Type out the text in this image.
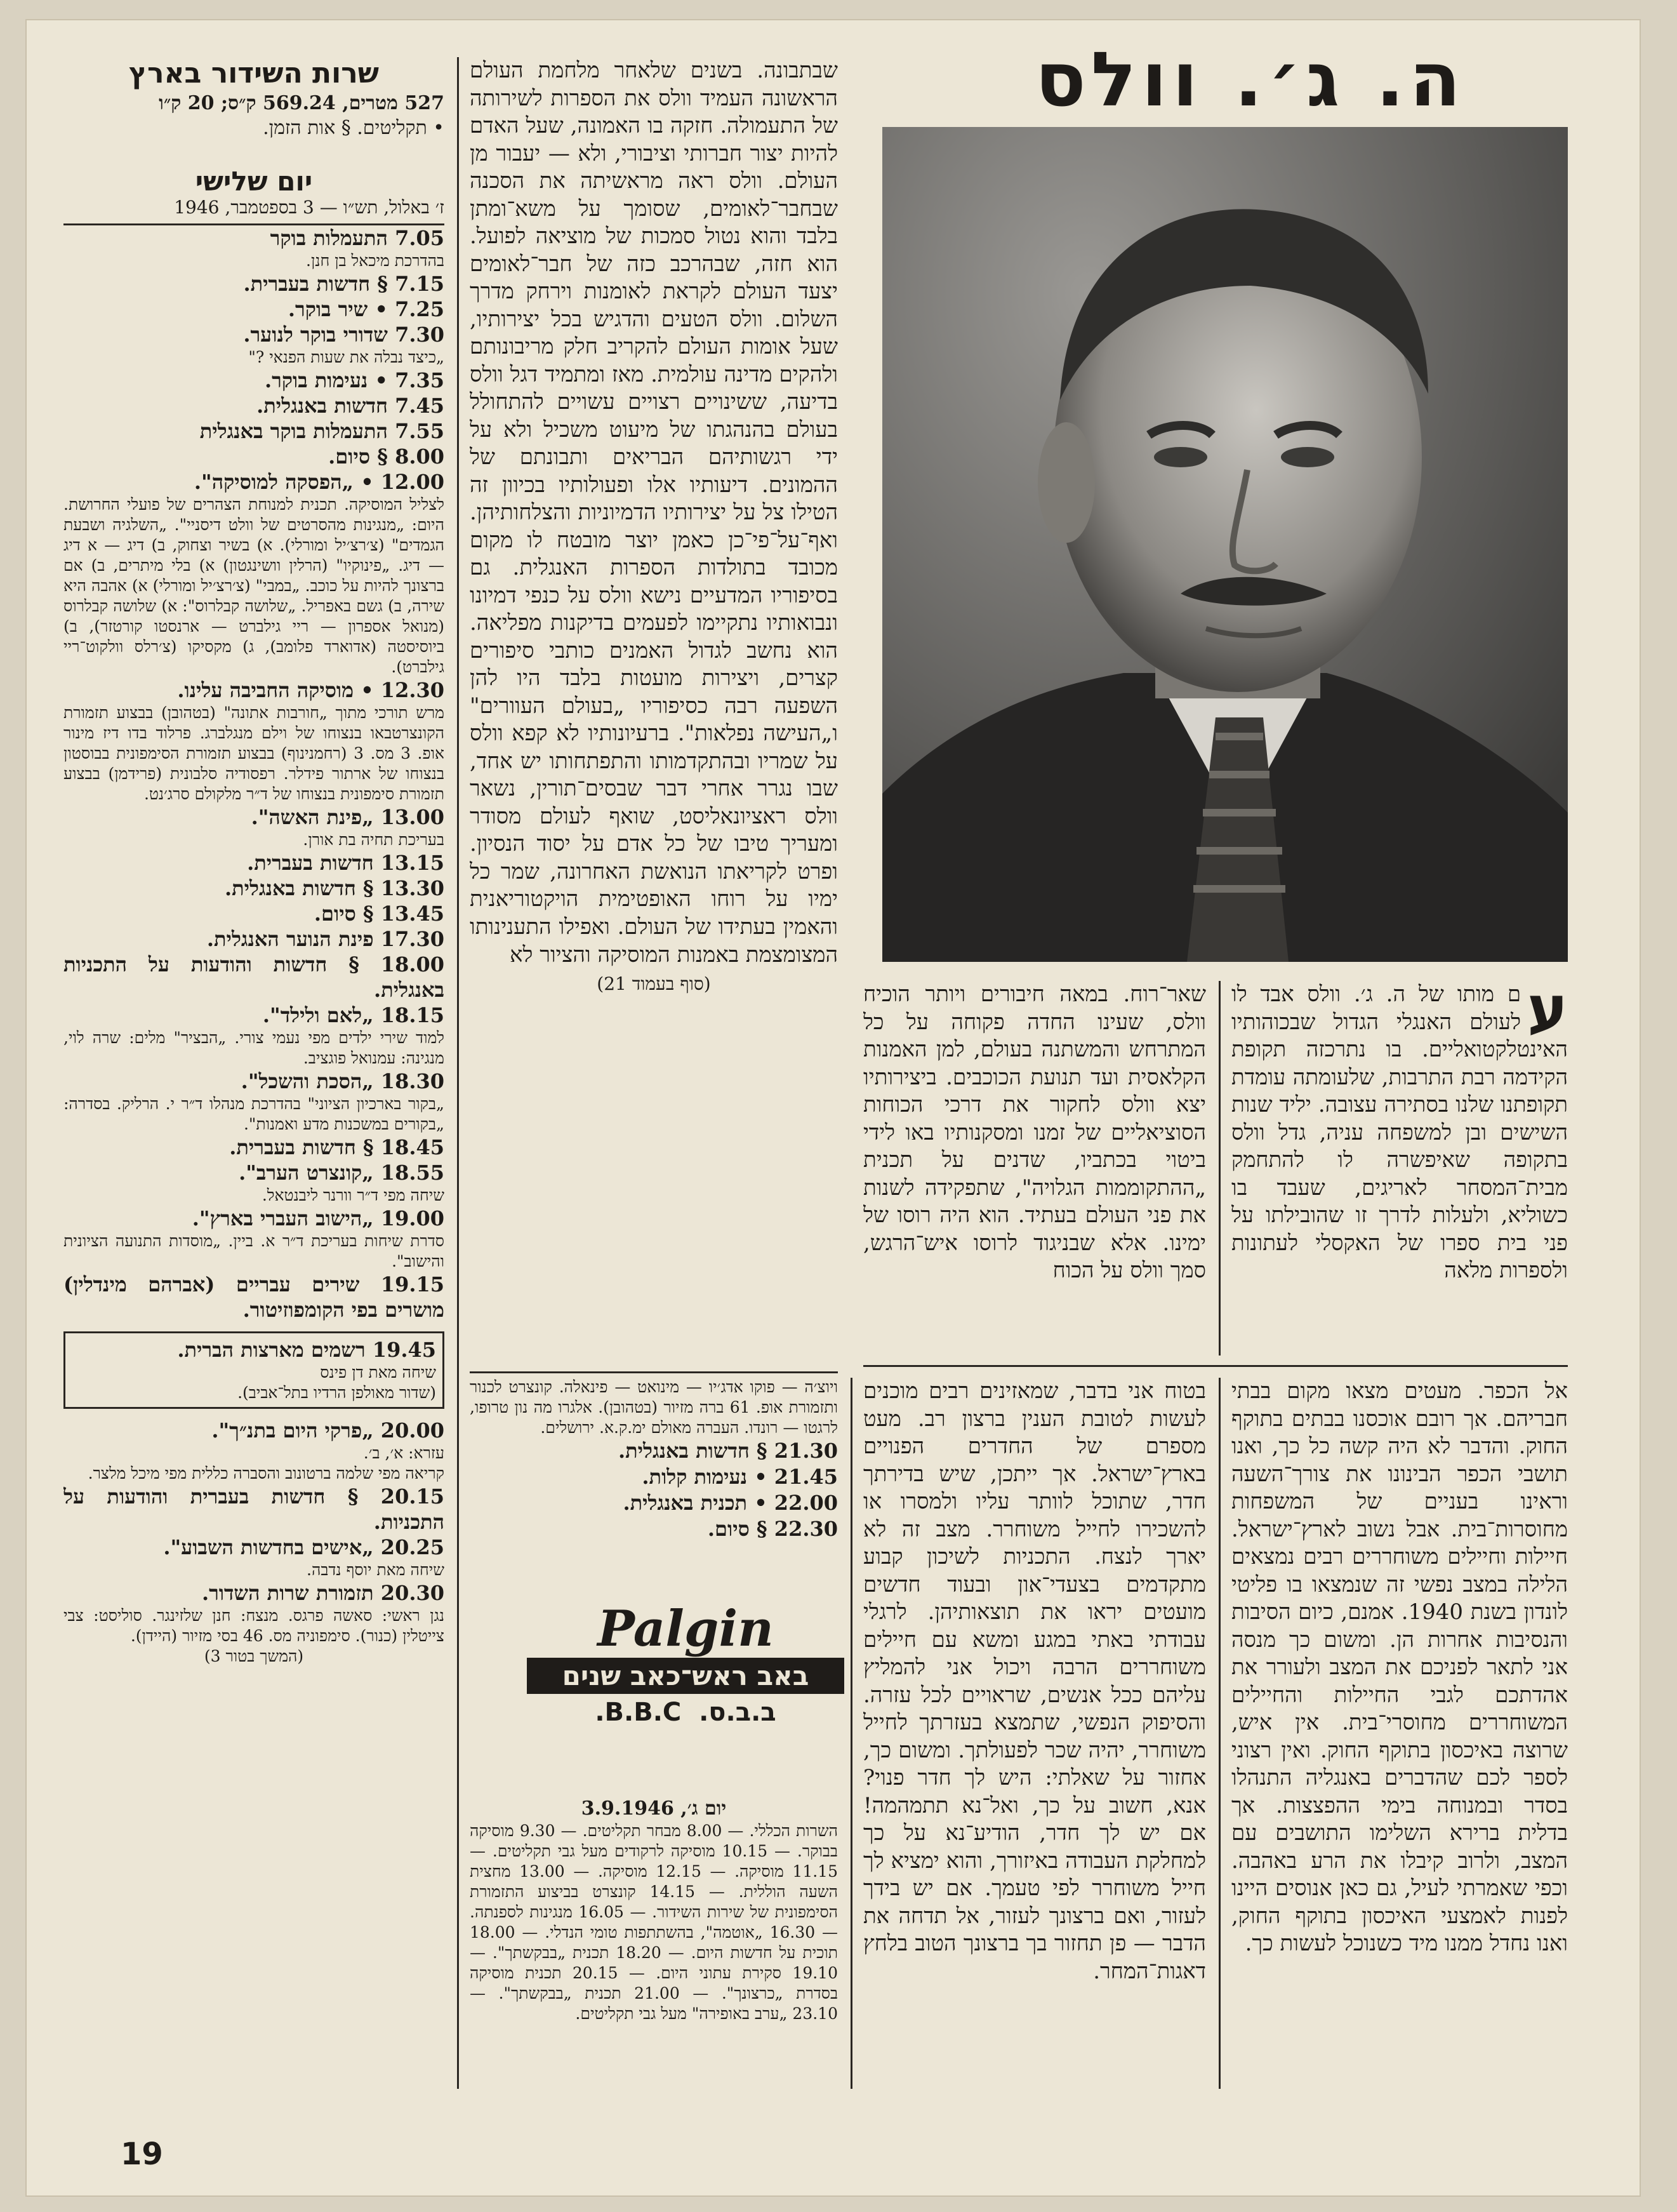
ה. ג׳. וולס

שבתבונה. בשנים שלאחר מלחמת העולם הראשונה העמיד וולס את הספרות לשירותה של התעמולה. חזקה בו האמונה, שעל האדם להיות יצור חברותי וציבורי, ולא — יעבור מן העולם. וולס ראה מראשיתה את הסכנה שבחבר־לאומים, שסומך על משא־ומתן בלבד והוא נטול סמכות של מוציאה לפועל. הוא חזה, שבהרכב כזה של חבר־לאומים יצעד העולם לקראת לאומנות וירחק מדרך השלום. וולס הטעים והדגיש בכל יצירותיו, שעל אומות העולם להקריב חלק מריבונותם ולהקים מדינה עולמית. מאז ומתמיד דגל וולס בדיעה, ששינויים רצויים עשויים להתחולל בעולם בהנהגתו של מיעוט משכיל ולא על ידי רגשותיהם הבריאים ותבונתם של ההמונים. דיעותיו אלו ופעולותיו בכיוון זה הטילו צל על יצירותיו הדמיוניות והצלחותיהן. ואף־על־פי־כן כאמן יוצר מובטח לו מקום מכובד בתולדות הספרות האנגלית. גם בסיפוריו המדעיים נישא וולס על כנפי דמיונו ונבואותיו נתקיימו לפעמים בדיקנות מפליאה. הוא נחשב לגדול האמנים כותבי סיפורים קצרים, ויצירות מועטות בלבד היו להן השפעה רבה כסיפוריו „בעולם העוורים" ו„העישה נפלאות". ברעיונותיו לא קפא וולס על שמריו ובהתקדמותו והתפתחותו יש אחד, שבו נגרר אחרי דבר שבסים־תורין, נשאר וולס ראציונאליסט, שואף לעולם מסודר ומעריך טיבו של כל אדם על יסוד הנסיון. ופרט לקריאתו הנואשת האחרונה, שמר כל ימיו על רוחו האופטימית הויקטוריאנית והאמין בעתידו של העולם. ואפילו התענינותו המצומצמת באמנות המוסיקה והציור לא

(סוף בעמוד 21)	שאר־רוח. במאה חיבורים ויותר הוכיח וולס, שעינו החדה פקוחה על כל המתרחש והמשתנה בעולם, למן האמנות הקלאסית ועד תנועת הכוכבים. ביצירותיו יצא וולס לחקור את דרכי הכוחות הסוציאליים של זמנו ומסקנותיו באו לידי ביטוי בכתביו, שדנים על תכנית „ההתקוממות הגלויה", שתפקידה לשנות את פני העולם בעתיד. הוא היה רוסו של ימינו. אלא שבניגוד לרוסו איש־הרגש, סמך וולס על הכוח

ע

ם מותו של ה. ג׳. וולס אבד לו לעולם האנגלי הגדול שבכוהותיו האינטלקטואליים. בו נתרכזה תקופת הקידמה רבת התרבות, שלעומתה עומדת תקופתנו שלנו בסתירה עצובה. יליד שנות השישים ובן למשפחה עניה, גדל וולס בתקופה שאיפשרה לו להתחמק מבית־המסחר לאריגים, שעבד בו כשוליא, ולעלות לדרך זו שהובילתו על פני בית ספרו של האקסלי לעתונות ולספרות מלאה

אל הכפר. מעטים מצאו מקום בבתי חבריהם. אך רובם אוכסנו בבתים בתוקף החוק. והדבר לא היה קשה כל כך, ואנו תושבי הכפר הבינונו את צורך־השעה וראינו בעניים של המשפחות מחוסרות־בית. אבל נשוב לארץ־ישראל. חיילות וחיילים משוחררים רבים נמצאים הלילה במצב נפשי זה שנמצאו בו פליטי לונדון בשנת 1940. אמנם, כיום הסיבות והנסיבות אחרות הן. ומשום כך מנסה אני לתאר לפניכם את המצב ולעורר את אהדתכם לגבי החיילות והחיילים המשוחררים מחוסרי־בית. אין איש, שרוצה באיכסון בתוקף החוק. ואין רצוני לספר לכם שהדברים באנגליה התנהלו בסדר ובמנוחה בימי ההפצצות. אך בדלית ברירא השלימו התושבים עם המצב, ולרוב קיבלו את הרע באהבה. וכפי שאמרתי לעיל, גם כאן אנוסים היינו לפנות לאמצעי האיכסון בתוקף החוק, ואנו נחדל ממנו מיד כשנוכל לעשות כך.

בטוח אני בדבר, שמאזינים רבים מוכנים לעשות לטובת הענין ברצון רב. מעט מספרם של החדרים הפנויים בארץ־ישראל. אך ייתכן, שיש בדירתך חדר, שתוכל לוותר עליו ולמסרו או להשכירו לחייל משוחרר. מצב זה לא יארך לנצח. התכניות לשיכון קבוע מתקדמים בצעדי־און ובעוד חדשים מועטים יראו את תוצאותיהן. לרגלי עבודתי באתי במגע ומשא עם חיילים משוחררים הרבה ויכול אני להמליץ עליהם ככל אנשים, שראויים לכל עזרה. והסיפוק הנפשי, שתמצא בעזרתך לחייל משוחרר, יהיה שכר לפעולתך. ומשום כך, אחזור על שאלתי: היש לך חדר פנוי? אנא, חשוב על כך, ואל־נא תתמהמה! אם יש לך חדר, הודיע־נא על כך למחלקת העבודה באיזורך, והוא ימציא לך חייל משוחרר לפי טעמך. אם יש בידך לעזור, ואם ברצונך לעזור, אל תדחה את הדבר — פן תחזור בך ברצונך הטוב בלחץ דאגות־המחר.

ויוצ׳ה — פוקו אדג׳יו — מינואט — פינאלה. קונצרט לכנור ותזמורת אופ. 61 ברה מזיור (בטהובן). אלגרו מה נון טרופו, לרגטו — רונדו. העברה מאולם ימ.ק.א. ירושלים.

21.30 § חדשות באנגלית.

21.45 • נעימות קלות.

22.00 • תכנית באנגלית.

22.30 § סיום.

Palgin
באב ראש־כאב שנים
ב.ב.ס.  B.B.C.

יום ג׳, 3.9.1946

השרות הכללי. — 8.00 מבחר תקליטים. — 9.30 מוסיקה בבוקר. — 10.15 מוסיקה לרקודים מעל גבי תקליטים. — 11.15 מוסיקה. — 12.15 מוסיקה. — 13.00 מחצית השעה הוללית. — 14.15 קונצרט בביצוע התזמורת הסימפונית של שירות השידור. — 16.05 מנגינות לספנתה. — 16.30 „אוטמה", בהשתתפות טומי הנדלי. — 18.00 תוכית על חדשות היום. — 18.20 תכנית „בבקשתך". — 19.10 סקירת עתוני היום. — 20.15 תכנית מוסיקה בסדרת „כרצונך". — 21.00 תכנית „בבקשתך". — 23.10 „ערב באופירה" מעל גבי תקליטים.

שרות השידור בארץ

527 מטרים, 569.24 ק״ס; 20 ק״ו

• תקליטים. § אות הזמן.

יום שלישי

ז׳ באלול, תש״ו — 3 בספטמבר, 1946

7.05 התעמלות בוקר

בהדרכת מיכאל בן חנן.

7.15 § חדשות בעברית.

7.25 • שיר בוקר.

7.30 שדורי בוקר לנוער.

„כיצד נבלה את שעות הפנאי ?"

7.35 • נעימות בוקר.

7.45 חדשות באנגלית.

7.55 התעמלות בוקר באנגלית

8.00 § סיום.

12.00 • „הפסקה למוסיקה".

לצליל המוסיקה. תכנית למנוחת הצהרים של פועלי החרושת. היום: „מנגינות מהסרטים של וולט דיסניי". „השלגיה ושבעת הגמדים" (צ׳רצ׳יל ומורלי). א) בשיר וצחוק, ב) דיג — א דיג — דיג. „פינוקיו" (הרלין וושינגטון) א) בלי מיתרים, ב) אם ברצונך להיות על כוכב. „במבי" (צ׳רצ׳יל ומורלי) א) אהבה היא שירה, ב) גשם באפריל. „שלושה קבלרוס": א) שלושה קבלרוס (מנואל אספרון — ריי גילברט — ארנסטו קורטזר), ב) ביוסיסטה (אדוארד פלומב), ג) מקסיקו (צ׳רלס וולקוט־ריי גילברט).

12.30 • מוסיקה החביבה עלינו.

מרש תורכי מתוך „חורבות אתונה" (בטהובן) בבצוע תזמורת הקונצרטבאו בנצוחו של וילם מנגלברג. פרלוד בדו דיז מינור אופ. 3 מס. 3 (רחמנינוף) בבצוע תזמורת הסימפונית בבוסטון בנצוחו של ארתור פידלר. רפסודיה סלבונית (פרידמן) בבצוע תזמורת סימפונית בנצוחו של ד״ר מלקולם סרג׳נט.

13.00 „פינת האשה".

בעריכת תחיה בת אורן.

13.15 חדשות בעברית.

13.30 § חדשות באנגלית.

13.45 § סיום.

17.30 פינת הנוער האנגלית.

18.00 § חדשות והודעות על התכניות באנגלית.

18.15 „לאם ולילד".

למוד שירי ילדים מפי נעמי צורי. „הבציר" מלים: שרה לוי, מנגינה: עמנואל פוגציב.

18.30 „הסכת והשכל".

„בקור בארכיון הציוני" בהדרכת מנהלו ד״ר י. הרליק. בסדרה: „בקורים במשכנות מדע ואמנות".

18.45 § חדשות בעברית.

18.55 „קונצרט הערב".

שיחה מפי ד״ר וורנר ליבנטאל.

19.00 „הישוב העברי בארץ".

סדרת שיחות בעריכת ד״ר א. ביין. „מוסדות התנועה הציונית והישוב".

19.15 שירים עבריים (אברהם מינדלין) מושרים בפי הקומפוזיטור.

19.45 רשמים מארצות הברית.

שיחה מאת דן פינס

(שדור מאולפן הרדיו בתל־אביב).

20.00 „פרקי היום בתנ״ך".

עזרא: א׳, ב׳.

קריאה מפי שלמה ברטונוב והסברה כללית מפי מיכל מלצר.

20.15 § חדשות בעברית והודעות על התכניות.

20.25 „אישים בחדשות השבוע".

שיחה מאת יוסף נדבה.

20.30 תזמורת שרות השדור.

נגן ראשי: סאשה פרגס. מנצח: חנן שלזינגר. סוליסט: צבי צייטלין (כנור). סימפוניה מס. 46 בסי מזיור (היידן).

(המשך בטור 3)

19
